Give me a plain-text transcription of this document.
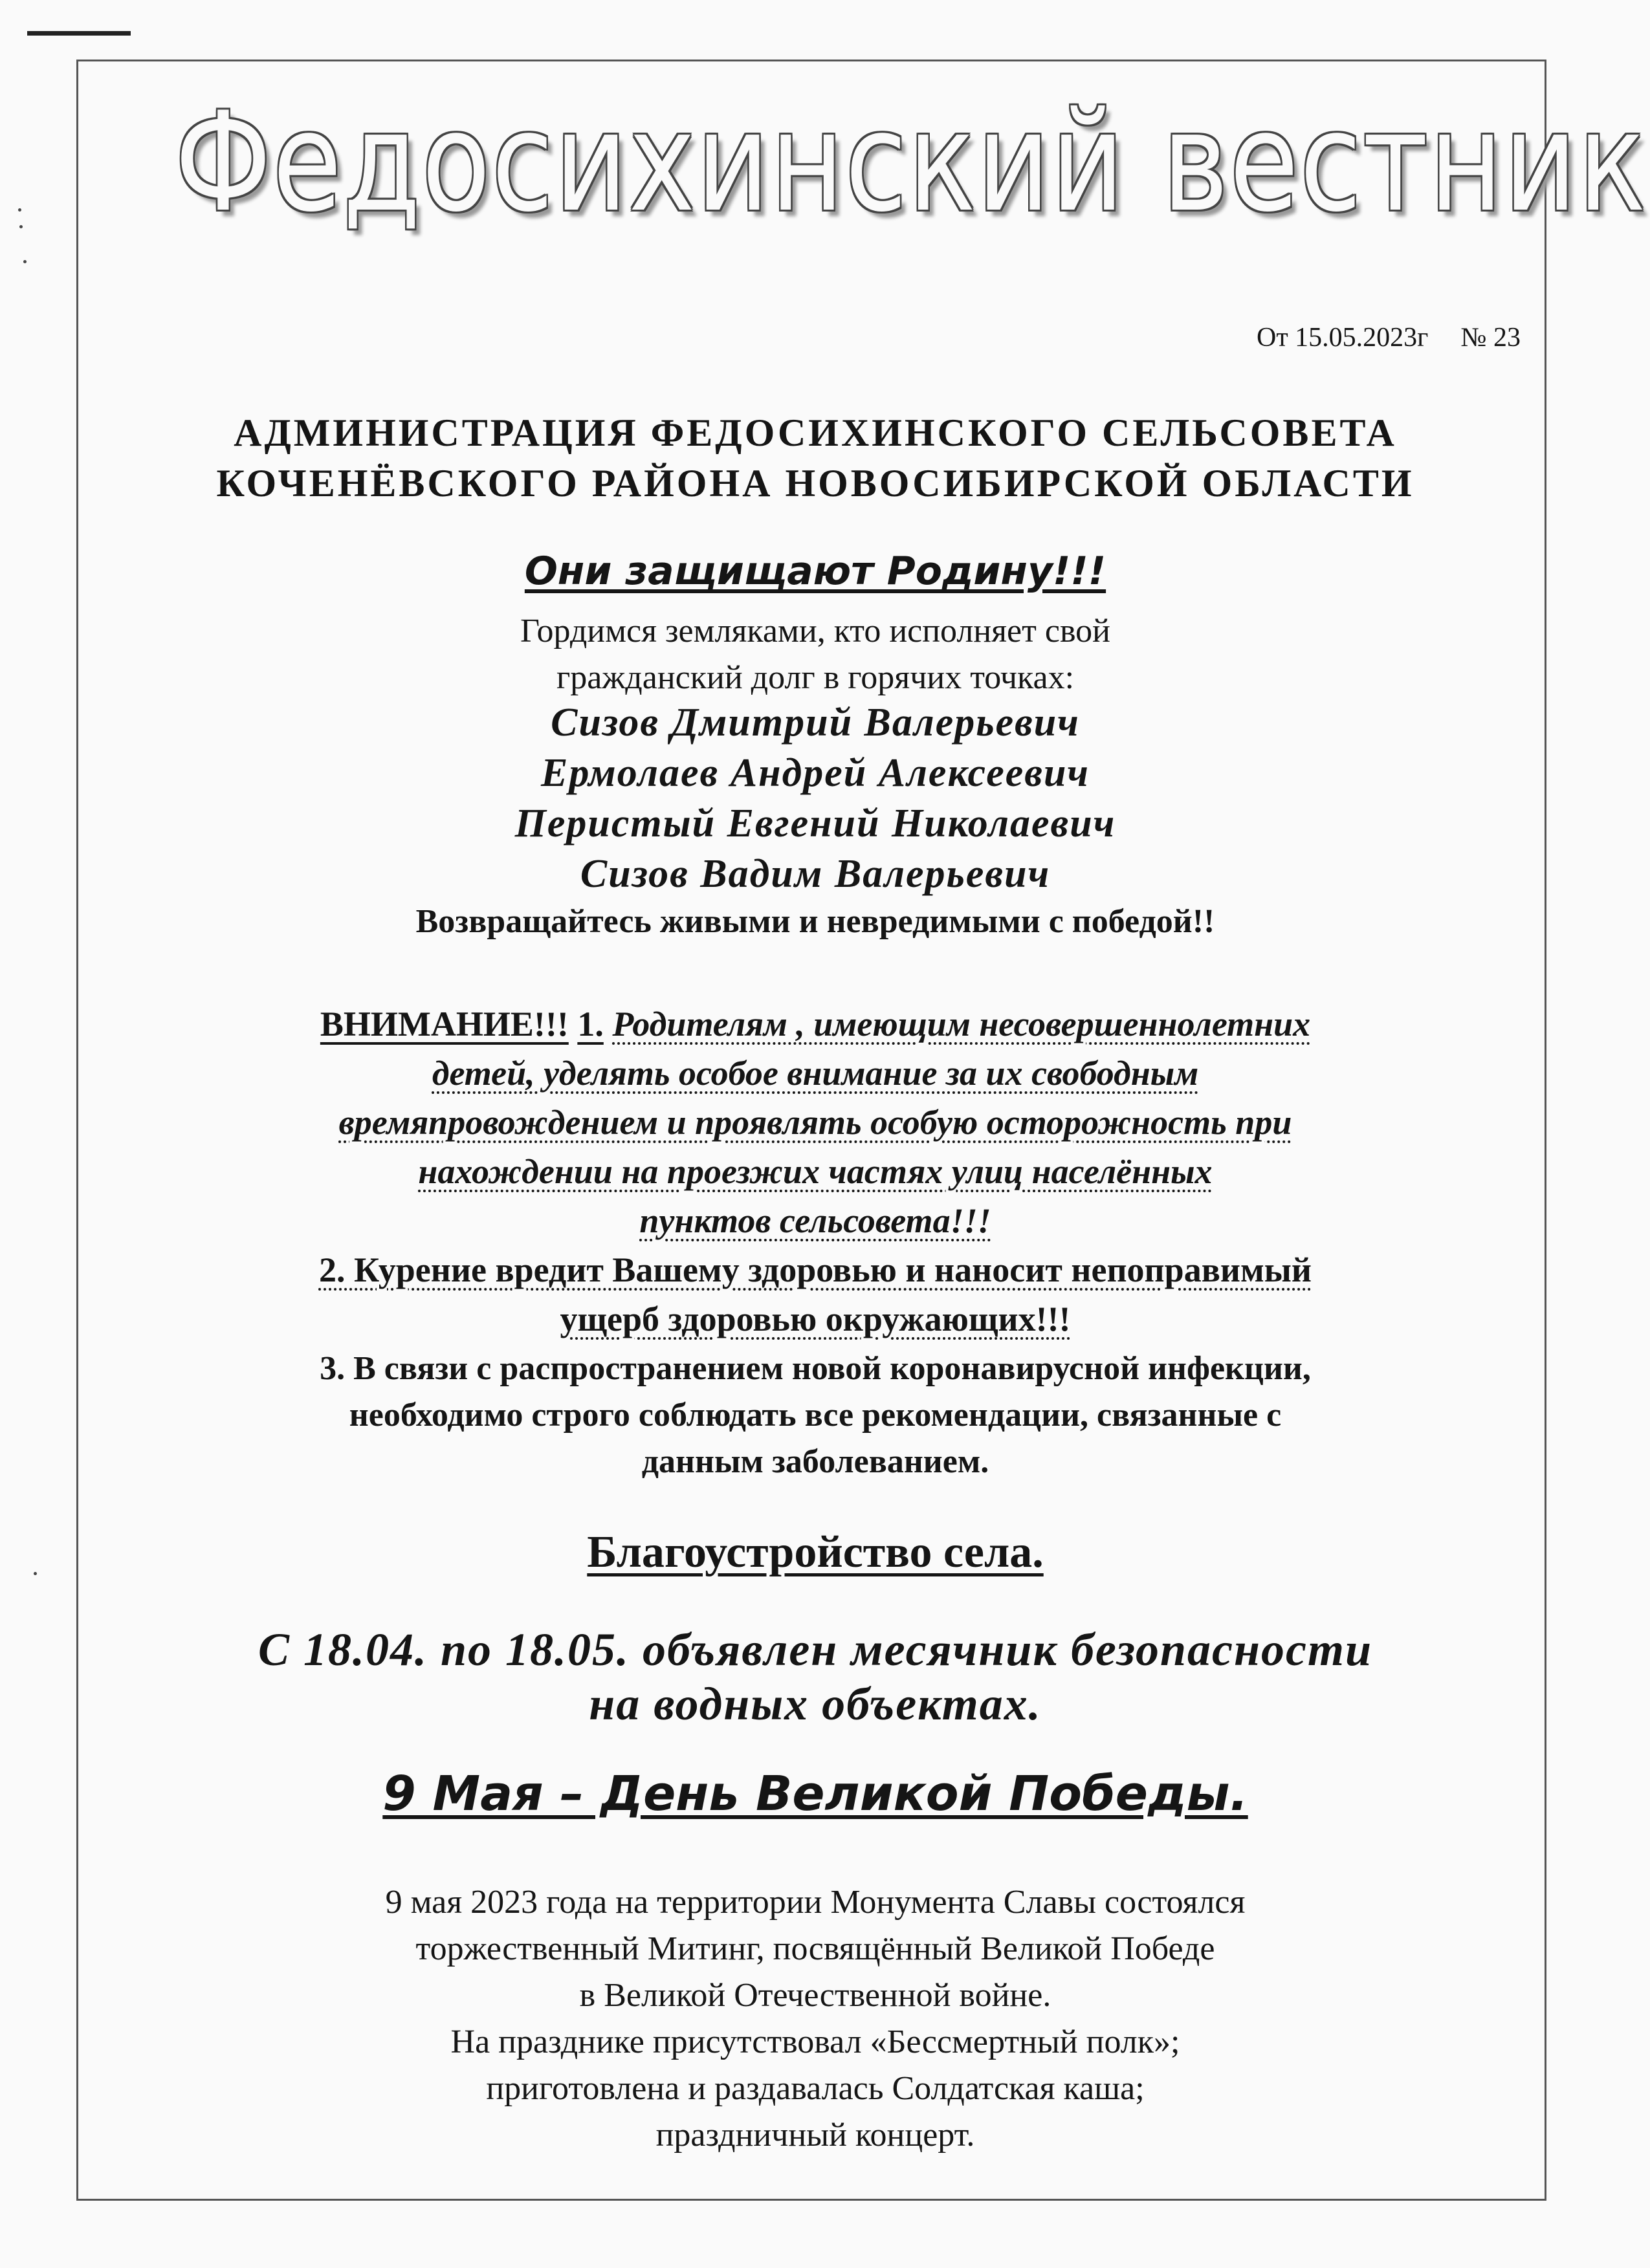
Федосихинский вестник
От 15.05.2023г № 23
АДМИНИСТРАЦИЯ ФЕДОСИХИНСКОГО СЕЛЬСОВЕТА
КОЧЕНЁВСКОГО РАЙОНА НОВОСИБИРСКОЙ ОБЛАСТИ
Они защищают Родину!!!
Гордимся земляками, кто исполняет свой
гражданский долг в горячих точках:
Сизов Дмитрий Валерьевич
Ермолаев Андрей Алексеевич
Перистый Евгений Николаевич
Сизов Вадим Валерьевич
Возвращайтесь живыми и невредимыми с победой!!
ВНИМАНИЕ!!! 1. Родителям , имеющим несовершеннолетних
детей, уделять особое внимание за их свободным
времяпровождением и проявлять особую осторожность при
нахождении на проезжих частях улиц населённых
пунктов сельсовета!!!
2. Курение вредит Вашему здоровью и наносит непоправимый
ущерб здоровью окружающих!!!
3. В связи с распространением новой коронавирусной инфекции,
необходимо строго соблюдать все рекомендации, связанные с
данным заболеванием.
Благоустройство села.
С 18.04. по 18.05. объявлен месячник безопасности
на водных объектах.
9 Мая – День Великой Победы.
9 мая 2023 года на территории Монумента Славы состоялся
торжественный Митинг, посвящённый Великой Победе
в Великой Отечественной войне.
На празднике присутствовал «Бессмертный полк»;
приготовлена и раздавалась Солдатская каша;
праздничный концерт.
